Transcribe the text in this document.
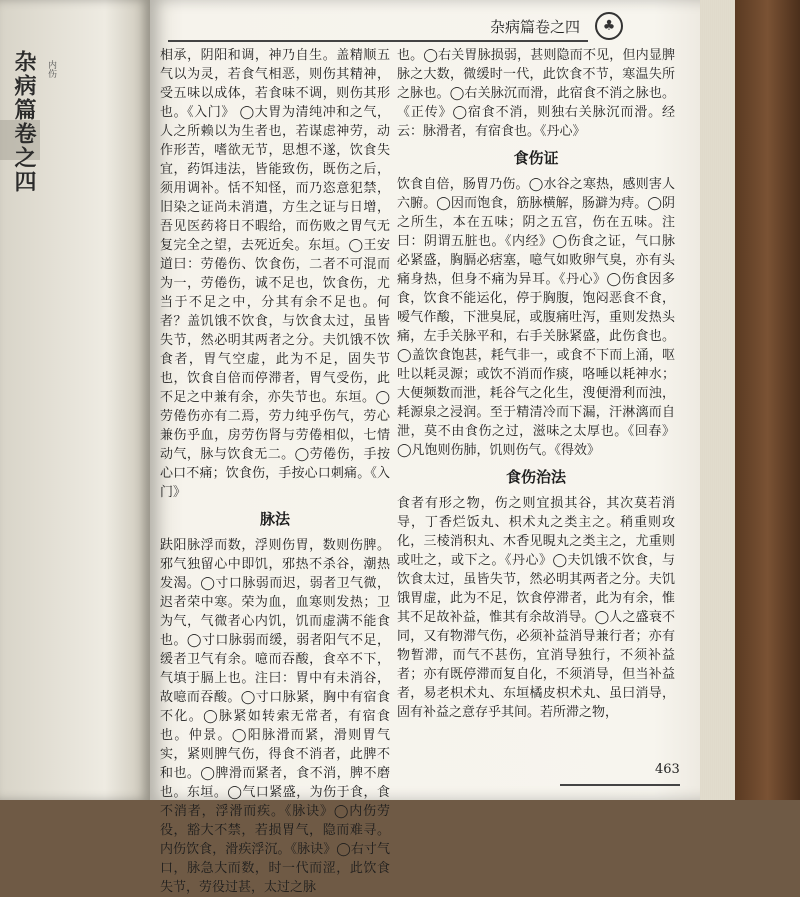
杂病篇卷之四	内伤
杂病篇卷之四	♣

相承，阴阳和调，神乃自生。盖精顺五气以为灵，若食气相恶，则伤其精神，受五味以成体，若食味不调，则伤其形也。《入门》 ◯大胃为清纯冲和之气，人之所赖以为生者也，若谋虑神劳，动作形苦，嗜欲无节，思想不遂，饮食失宜，药饵违法，皆能致伤，既伤之后，须用调补。恬不知怪，而乃恣意犯禁，旧染之证尚未消遣，方生之证与日增，吾见医药将日不暇给，而伤败之胃气无复完全之望，去死近矣。东垣。◯王安道曰：劳倦伤、饮食伤，二者不可混而为一，劳倦伤，诚不足也，饮食伤，尤当于不足之中，分其有余不足也。何者？盖饥饿不饮食，与饮食太过，虽皆失节，然必明其两者之分。夫饥饿不饮食者，胃气空虚，此为不足，固失节也，饮食自倍而停滞者，胃气受伤，此不足之中兼有余，亦失节也。东垣。◯劳倦伤亦有二焉，劳力纯乎伤气，劳心兼伤乎血，房劳伤肾与劳倦相似，七情动气，脉与饮食无二。◯劳倦伤，手按心口不痛；饮食伤，手按心口刺痛。《入门》

脉法

趺阳脉浮而数，浮则伤胃，数则伤脾。邪气独留心中即饥，邪热不杀谷，潮热发渴。◯寸口脉弱而迟，弱者卫气微，迟者荣中寒。荣为血，血寒则发热；卫为气，气微者心内饥，饥而虚满不能食也。◯寸口脉弱而缓，弱者阳气不足，缓者卫气有余。噫而吞酸，食卒不下，气填于膈上也。注曰：胃中有未消谷，故噫而吞酸。◯寸口脉紧，胸中有宿食不化。◯脉紧如转索无常者，有宿食也。仲景。◯阳脉滑而紧，滑则胃气实，紧则脾气伤，得食不消者，此脾不和也。◯脾滑而紧者，食不消，脾不磨也。东垣。◯气口紧盛，为伤于食，食不消者，浮滑而疾。《脉诀》◯内伤劳役，豁大不禁，若损胃气，隐而难寻。内伤饮食，滑疾浮沉。《脉诀》◯右寸气口，脉急大而数，时一代而涩，此饮食失节，劳役过甚，太过之脉

也。◯右关胃脉损弱，甚则隐而不见，但内显脾脉之大数，微缓时一代，此饮食不节，寒温失所之脉也。◯右关脉沉而滑，此宿食不消之脉也。《正传》◯宿食不消，则独右关脉沉而滑。经云：脉滑者，有宿食也。《丹心》

食伤证

饮食自倍，肠胃乃伤。◯水谷之寒热，感则害人六腑。◯因而饱食，筋脉横解，肠澼为痔。◯阴之所生，本在五味；阴之五宫，伤在五味。注曰：阴谓五脏也。《内经》◯伤食之证，气口脉必紧盛，胸膈必痞塞，噫气如败卵气臭，亦有头痛身热，但身不痛为异耳。《丹心》◯伤食因多食，饮食不能运化，停于胸腹，饱闷恶食不食，嗳气作酸，下泄臭屁，或腹痛吐泻，重则发热头痛，左手关脉平和，右手关脉紧盛，此伤食也。◯盖饮食饱甚，耗气非一，或食不下而上涌，呕吐以耗灵源；或饮不消而作痰，咯唾以耗神水；大便频数而泄，耗谷气之化生，溲便滑利而浊，耗源泉之浸润。至于精清冷而下漏，汗淋漓而自泄，莫不由食伤之过，滋味之太厚也。《回春》◯凡饱则伤肺，饥则伤气。《得效》

食伤治法

食者有形之物，伤之则宜损其谷，其次莫若消导，丁香烂饭丸、枳术丸之类主之。稍重则攻化，三棱消积丸、木香见睍丸之类主之，尤重则或吐之，或下之。《丹心》◯夫饥饿不饮食，与饮食太过，虽皆失节，然必明其两者之分。夫饥饿胃虚，此为不足，饮食停滞者，此为有余，惟其不足故补益，惟其有余故消导。◯人之盛衰不同，又有物滞气伤，必须补益消导兼行者；亦有物暂滞，而气不甚伤，宜消导独行，不须补益者；亦有既停滞而复自化，不须消导，但当补益者，易老枳术丸、东垣橘皮枳术丸、虽曰消导，固有补益之意存乎其间。若所滞之物，

463
